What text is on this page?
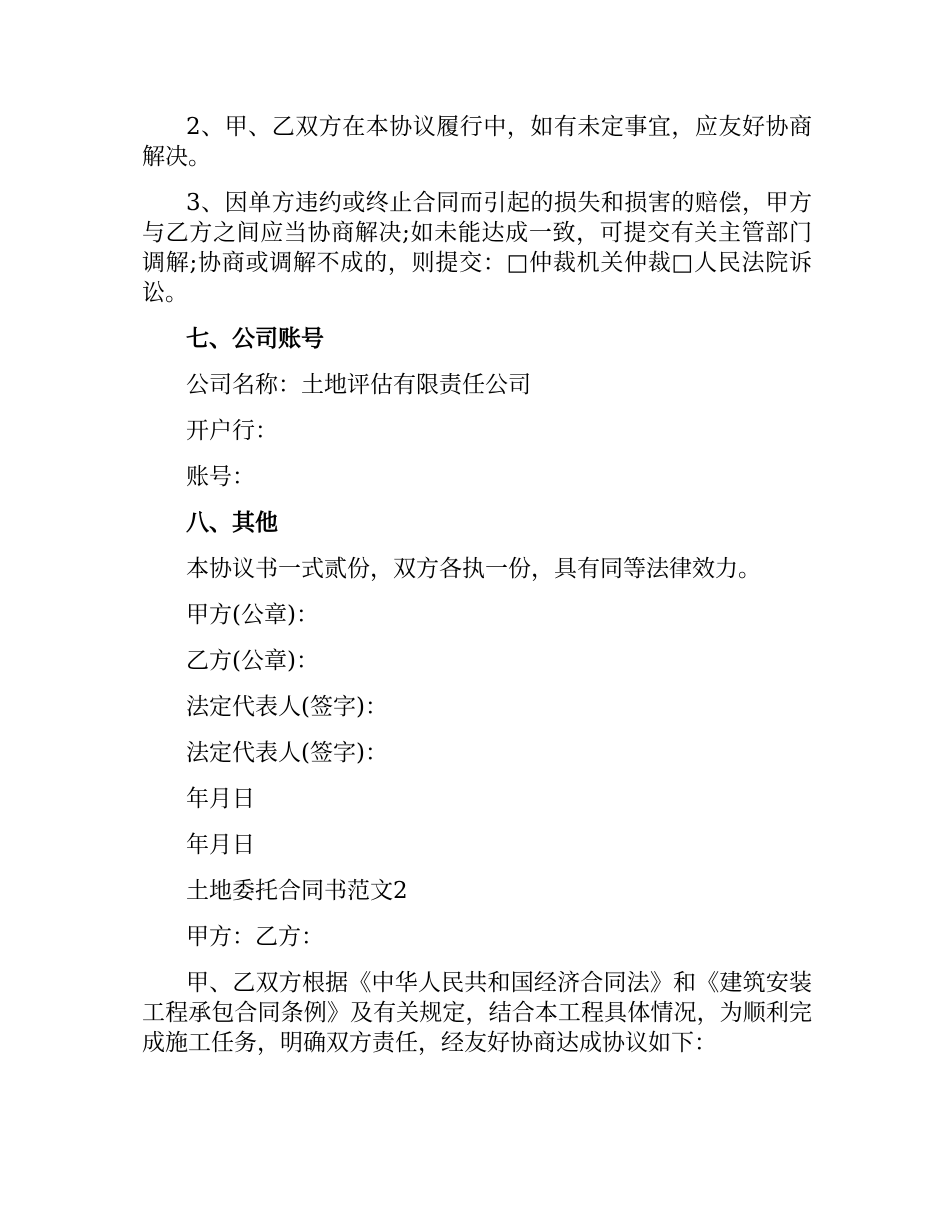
2、甲、乙双方在本协议履行中，如有未定事宜，应友好协商解决。

3、因单方违约或终止合同而引起的损失和损害的赔偿，甲方与乙方之间应当协商解决;如未能达成一致，可提交有关主管部门调解;协商或调解不成的，则提交：□仲裁机关仲裁□人民法院诉讼。

七、公司账号

公司名称：土地评估有限责任公司

开户行：

账号：

八、其他

本协议书一式贰份，双方各执一份，具有同等法律效力。

甲方(公章)：

乙方(公章)：

法定代表人(签字)：

法定代表人(签字)：

年月日

年月日

土地委托合同书范文2

甲方：乙方：

甲、乙双方根据《中华人民共和国经济合同法》和《建筑安装工程承包合同条例》及有关规定，结合本工程具体情况，为顺利完成施工任务，明确双方责任，经友好协商达成协议如下：
